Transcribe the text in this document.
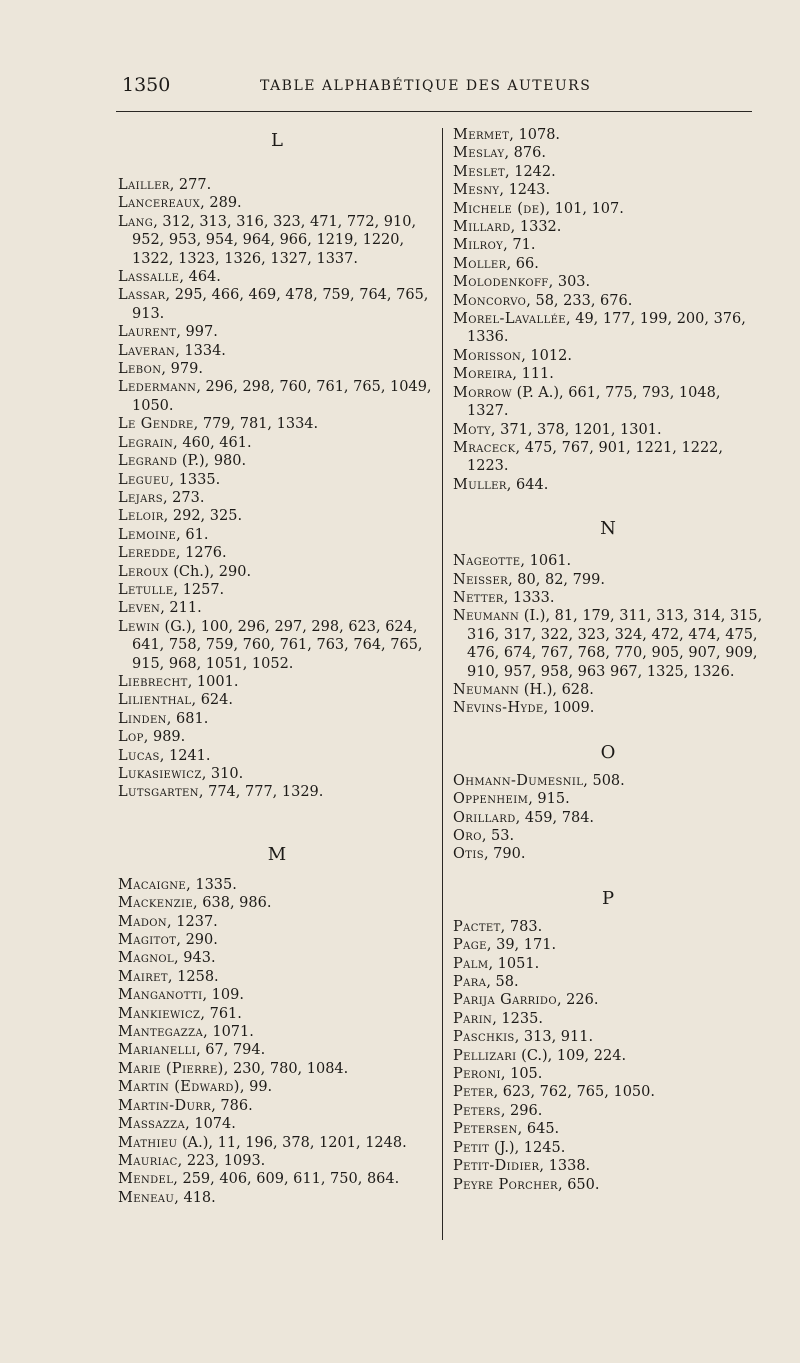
1350	TABLE ALPHABÉTIQUE DES AUTEURS
L
Lailler, 277.
Lancereaux, 289.
Lang, 312, 313, 316, 323, 471, 772, 910, 952, 953, 954, 964, 966, 1219, 1220, 1322, 1323, 1326, 1327, 1337.
Lassalle, 464.
Lassar, 295, 466, 469, 478, 759, 764, 765, 913.
Laurent, 997.
Laveran, 1334.
Lebon, 979.
Ledermann, 296, 298, 760, 761, 765, 1049, 1050.
Le Gendre, 779, 781, 1334.
Legrain, 460, 461.
Legrand (P.), 980.
Legueu, 1335.
Lejars, 273.
Leloir, 292, 325.
Lemoine, 61.
Leredde, 1276.
Leroux (Ch.), 290.
Letulle, 1257.
Leven, 211.
Lewin (G.), 100, 296, 297, 298, 623, 624, 641, 758, 759, 760, 761, 763, 764, 765, 915, 968, 1051, 1052.
Liebrecht, 1001.
Lilienthal, 624.
Linden, 681.
Lop, 989.
Lucas, 1241.
Lukasiewicz, 310.
Lutsgarten, 774, 777, 1329.
M
Macaigne, 1335.
Mackenzie, 638, 986.
Madon, 1237.
Magitot, 290.
Magnol, 943.
Mairet, 1258.
Manganotti, 109.
Mankiewicz, 761.
Mantegazza, 1071.
Marianelli, 67, 794.
Marie (Pierre), 230, 780, 1084.
Martin (Edward), 99.
Martin-Durr, 786.
Massazza, 1074.
Mathieu (A.), 11, 196, 378, 1201, 1248.
Mauriac, 223, 1093.
Mendel, 259, 406, 609, 611, 750, 864.
Meneau, 418.
Mermet, 1078.
Meslay, 876.
Meslet, 1242.
Mesny, 1243.
Michele (de), 101, 107.
Millard, 1332.
Milroy, 71.
Moller, 66.
Molodenkoff, 303.
Moncorvo, 58, 233, 676.
Morel-Lavallée, 49, 177, 199, 200, 376, 1336.
Morisson, 1012.
Moreira, 111.
Morrow (P. A.), 661, 775, 793, 1048, 1327.
Moty, 371, 378, 1201, 1301.
Mraceck, 475, 767, 901, 1221, 1222, 1223.
Muller, 644.
N
Nageotte, 1061.
Neisser, 80, 82, 799.
Netter, 1333.
Neumann (I.), 81, 179, 311, 313, 314, 315, 316, 317, 322, 323, 324, 472, 474, 475, 476, 674, 767, 768, 770, 905, 907, 909, 910, 957, 958, 963 967, 1325, 1326.
Neumann (H.), 628.
Nevins-Hyde, 1009.
O
Ohmann-Dumesnil, 508.
Oppenheim, 915.
Orillard, 459, 784.
Oro, 53.
Otis, 790.
P
Pactet, 783.
Page, 39, 171.
Palm, 1051.
Para, 58.
Parija Garrido, 226.
Parin, 1235.
Paschkis, 313, 911.
Pellizari (C.), 109, 224.
Peroni, 105.
Peter, 623, 762, 765, 1050.
Peters, 296.
Petersen, 645.
Petit (J.), 1245.
Petit-Didier, 1338.
Peyre Porcher, 650.
